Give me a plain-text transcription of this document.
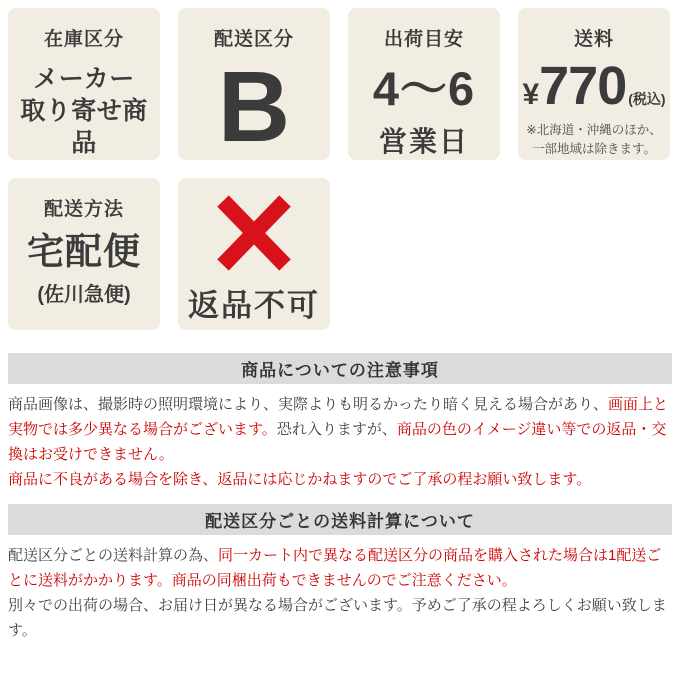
在庫区分
メーカー
取り寄せ商品
配送区分
B
出荷目安
4〜6
営業日
送料
¥ 770 (税込)
※北海道・沖縄のほか、
一部地域は除きます。
配送方法
宅配便
(佐川急便) 返品不可
商品についての注意事項
商品画像は、撮影時の照明環境により、実際よりも明るかったり暗く見える場合があり、画面上と実物では多少異なる場合がございます。恐れ入りますが、商品の色のイメージ違い等での返品・交換はお受けできません。
商品に不良がある場合を除き、返品には応じかねますのでご了承の程お願い致します。
配送区分ごとの送料計算について
配送区分ごとの送料計算の為、同一カート内で異なる配送区分の商品を購入された場合は1配送ごとに送料がかかります。商品の同梱出荷もできませんのでご注意ください。
別々での出荷の場合、お届け日が異なる場合がございます。予めご了承の程よろしくお願い致します。
